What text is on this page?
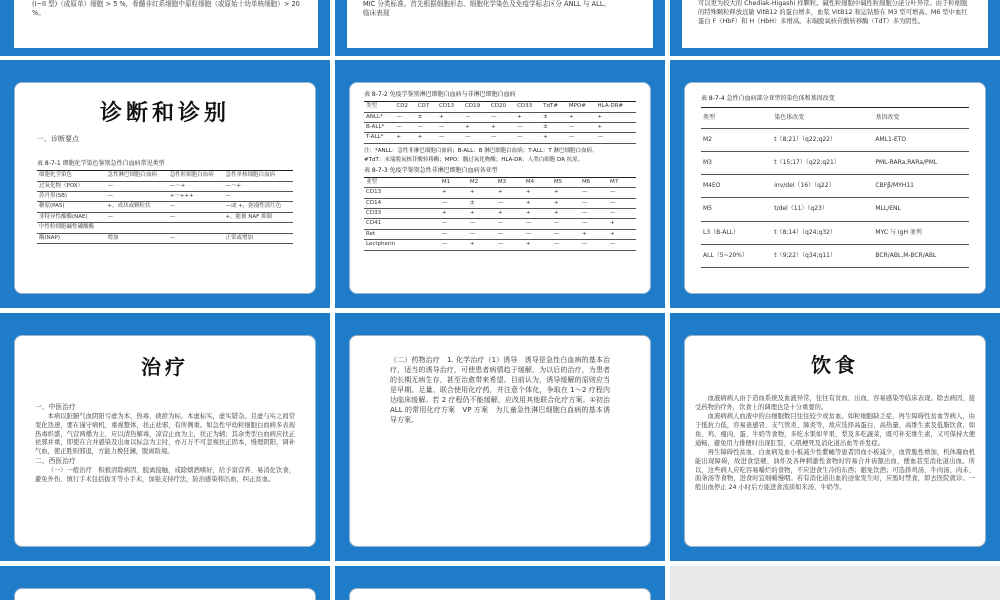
(I~II 型)（成原单）细胞 > 5 %，骨髓非红系细胞中原粒细胞（或原始十幼单核细胞）> 20 %。
MIC 分类标准。首先根据细胞形态、细胞化学染色及免疫学标志区分 ANLL 与 ALL。
临床表现
可以更为较大的 Chediak-Higashi 样颗粒。碱性粒细胞中碱性粒细胞分泌分叶异常。由于粒细胞的特殊颗粒释放远敏 VitB12 的蛋白增多，血浆 VitB12 和运钴胺在 M3 型可增高。M6 型中血红蛋白 F（HbF）和 H（HbH）多增高。末端脱氧核苷酸转移酶（TdT）多为阴性。
诊断和诊别
一、诊断要点
表 8-7-1 细胞化学染色鉴别急性白血病常见类型
细胞化学染色	急性淋巴细胞白血病	急性粒细胞白血病	急性单核细胞白血病
过氧化物（POX）	—	—～+	—～+
苏丹黑(SB)	—	+～+++	—
糖原(PAS)	+，成块或颗粒状	—	—或 +，弥漫性淡红色
非特异性酯酶(NAE)	—	—	+，能被 NAF 抑制
中性粒细胞碱性磷酸酶			
酶(NAP)	增加	—	正常或增加
表 8-7-2 免疫学鉴别淋巴细胞白血病与非淋巴细胞白血病
类型	CD2	CD7	CD13	CD19	CD20	CD33	TdT#	MPO#	HLA-DR#
ANLL*	—	±	+	—	—	+	±	+	+
B-ALL*	—	—	—	+	+	—	±	—	+
T-ALL*	+	+	—	—	—	—	+	—	—
注：*ANLL：急性非淋巴细胞白血病；B-ALL：B 淋巴细胞白血病；T-ALL：T 淋巴细胞白血病。
#TdT：末端脱氧核苷酸转移酶；MPO：髓过氧化物酶；HLA-DR：人类白细胞 DR 抗原。
表 8-7-3 免疫学鉴别急性非淋巴细胞白血病各亚型
亚型	M1	M2	M3	M4	M5	M6	M7
CD13	+	+	+	+	+	—	—
CD14	—	±	—	+	+	—	—
CD33	+	+	+	+	+	—	—
CD41	—	—	—	—	—	—	+
Ret	—	—	—	—	—	+	+
Lectpherin	—	+	—	+	—	—	—
表 8-7-4 急性白血病部分亚型的染色体和基因改变
类型	染色体改变	基因改变
M2	t（8;21）（q22;q22）	AML1-ETO
M3	t（15;17）（q22;q21）	PML-RARa,RARa/PML
M4EO	inv/del（16）（q22）	CBFβ/MYH11
M5	t/del（11）（q23）	MLL/ENL
L3（B-ALL）	t（8;14）（q24;q32）	MYC 与 IgH 並列
ALL（5~20%）	t（9;22）（q34;q11）	BCR/ABL,M-BCR/ABL
治疗
一、中医治疗
本病以脏腑气血阴阳亏虚为本，热毒、痰瘀为标，本虚标实，虚实错杂。且虚与实之间常变化迭速，要在谨守病机，重视整体，扶正祛邪，有所侧重。如急性早幼粒细胞白血病多表现热毒炽盛，气营两燔为主，应以清热解毒，凉营止血为主，扶正为辅；其余类型白血病应扶正祛邪并重，即使在合并感染及出血以标急为主时，亦万万不可忽视扶正固本，慢理阴阳，调补气血，使正胜则邪退，方能力挽狂澜，脱离险境。
二、西医治疗
（一）一般治疗　积极清除病因、脱离接触，戒除烟酒嗜好，给予富营养、易消化饮食，避免外伤、慎行手术包括拔牙等小手术，加强支持疗法，防治感染和出血，纠正贫血。
（二）药物治疗　1. 化学治疗（1）诱导　诱导是急性白血病的基本治疗，适当的诱导治疗，可使患者病情趋于缓解，为以后的治疗，为患者的长期无病生存，甚至治愈带来希望。目前认为，诱导缓解的原则应当是早期、足量、联合使用化疗药，并注意个体化，争取在 1～2 疗程内达临床缓解。若 2 疗程仍不能缓解，应改用其他联合化疗方案。①初治 ALL 的常用化疗方案　VP 方案　为儿童急性淋巴细胞白血病的基本诱导方案。
饮食
血液病病人由于造血系统及血液异常，往往有贫血、出血、容易感染等临床表现。除去病因、接受药物治疗外，饮食上的调理也是十分重要的。
血液病病人血液中的白细胞数目往往较少或贫血。如粒细胞缺乏症、再生障碍性贫血等病人，由于抵抗力低，容易患感冒、支气管炎、肺炎等，故应选择高蛋白、高热量、高维生素及低脂饮食，如鱼、鸡、瘦肉、蛋、牛奶等食物，多吃水果如苹果、梨及多吃蔬菜，既可补充维生素，又可保持大便通畅，避免用力排便时出现肛裂、心肌梗死及消化道出血等并发症。
再生障碍性贫血、白血病及血小板减少性紫癜等患者因血小板减少，血管脆性增加，机体凝血机能出现障碍，故进食坚硬、油炸及各种刺激性食物时容易合并齿龈出血、便血甚至消化道出血。所以，这些病人应吃容易嚼烂的食物，不应进食生冷的东西；避免饮酒；可选择鸡汤、牛肉汤、肉末、面条汤等食物，进食时宜细嚼慢咽。若有消化道出血的迹象发生时，应暂时禁食，即去医院就诊。一般出血停止 24 小时后方能进食流质如米汤、牛奶等。
